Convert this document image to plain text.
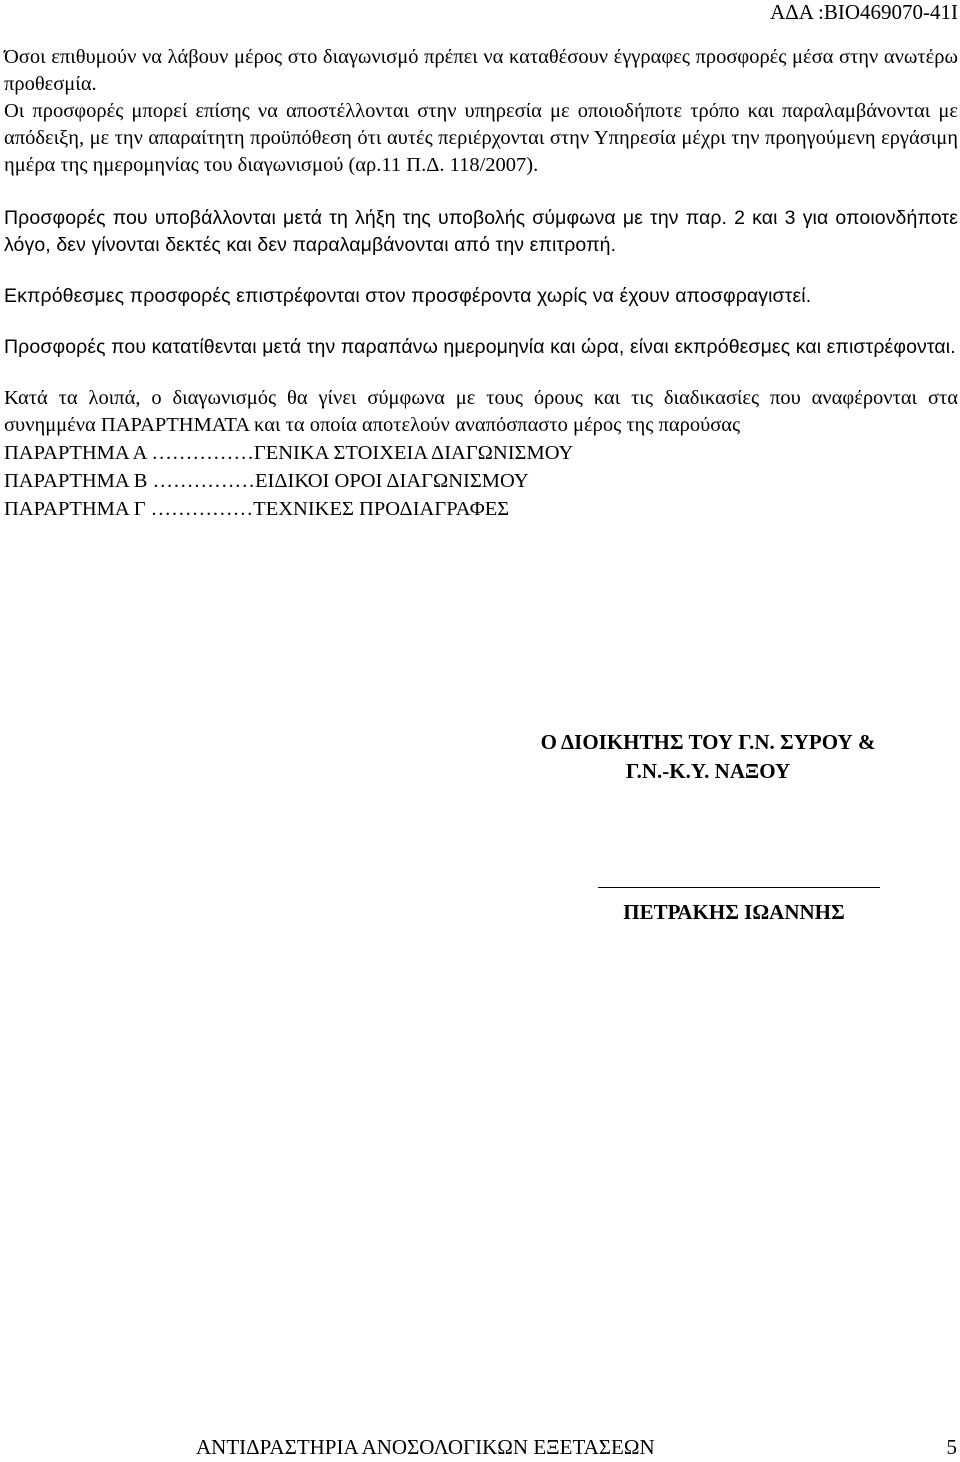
ΑΔΑ :ΒΙΟ469070-41Ι

Όσοι επιθυμούν να λάβουν μέρος στο διαγωνισμό πρέπει να καταθέσουν έγγραφες προσφορές μέσα στην ανωτέρω προθεσμία.

Οι προσφορές μπορεί επίσης να αποστέλλονται στην υπηρεσία με οποιοδήποτε τρόπο και παραλαμβάνονται με απόδειξη, με την απαραίτητη προϋπόθεση ότι αυτές περιέρχονται στην Υπηρεσία μέχρι την προηγούμενη εργάσιμη ημέρα της ημερομηνίας του διαγωνισμού (αρ.11 Π.Δ. 118/2007).

Προσφορές που υποβάλλονται μετά τη λήξη της υποβολής σύμφωνα με την παρ. 2 και 3 για οποιονδήποτε λόγο, δεν γίνονται δεκτές και δεν παραλαμβάνονται από την επιτροπή.

Εκπρόθεσμες προσφορές επιστρέφονται στον προσφέροντα χωρίς να έχουν αποσφραγιστεί.

Προσφορές που κατατίθενται μετά την παραπάνω ημερομηνία και ώρα, είναι εκπρόθεσμες και επιστρέφονται.

Κατά τα λοιπά, ο διαγωνισμός θα γίνει σύμφωνα με τους όρους και τις διαδικασίες που αναφέρονται στα συνημμένα ΠΑΡΑΡΤΗΜΑΤΑ και τα οποία αποτελούν αναπόσπαστο μέρος της παρούσας

ΠΑΡΑΡΤΗΜΑ Α ……………ΓΕΝΙΚΑ ΣΤΟΙΧΕΙΑ ΔΙΑΓΩΝΙΣΜΟΥ

ΠΑΡΑΡΤΗΜΑ Β ……………ΕΙΔΙΚΟΙ ΟΡΟΙ ΔΙΑΓΩΝΙΣΜΟΥ

ΠΑΡΑΡΤΗΜΑ Γ ……………ΤΕΧΝΙΚΕΣ ΠΡΟΔΙΑΓΡΑΦΕΣ

Ο ΔΙΟΙΚΗΤΗΣ ΤΟΥ Γ.Ν. ΣΥΡΟΥ &
Γ.Ν.-Κ.Υ. ΝΑΞΟΥ
ΠΕΤΡΑΚΗΣ ΙΩΑΝΝΗΣ
ΑΝΤΙΔΡΑΣΤΗΡΙΑ ΑΝΟΣΟΛΟΓΙΚΩΝ ΕΞΕΤΑΣΕΩΝ	5
